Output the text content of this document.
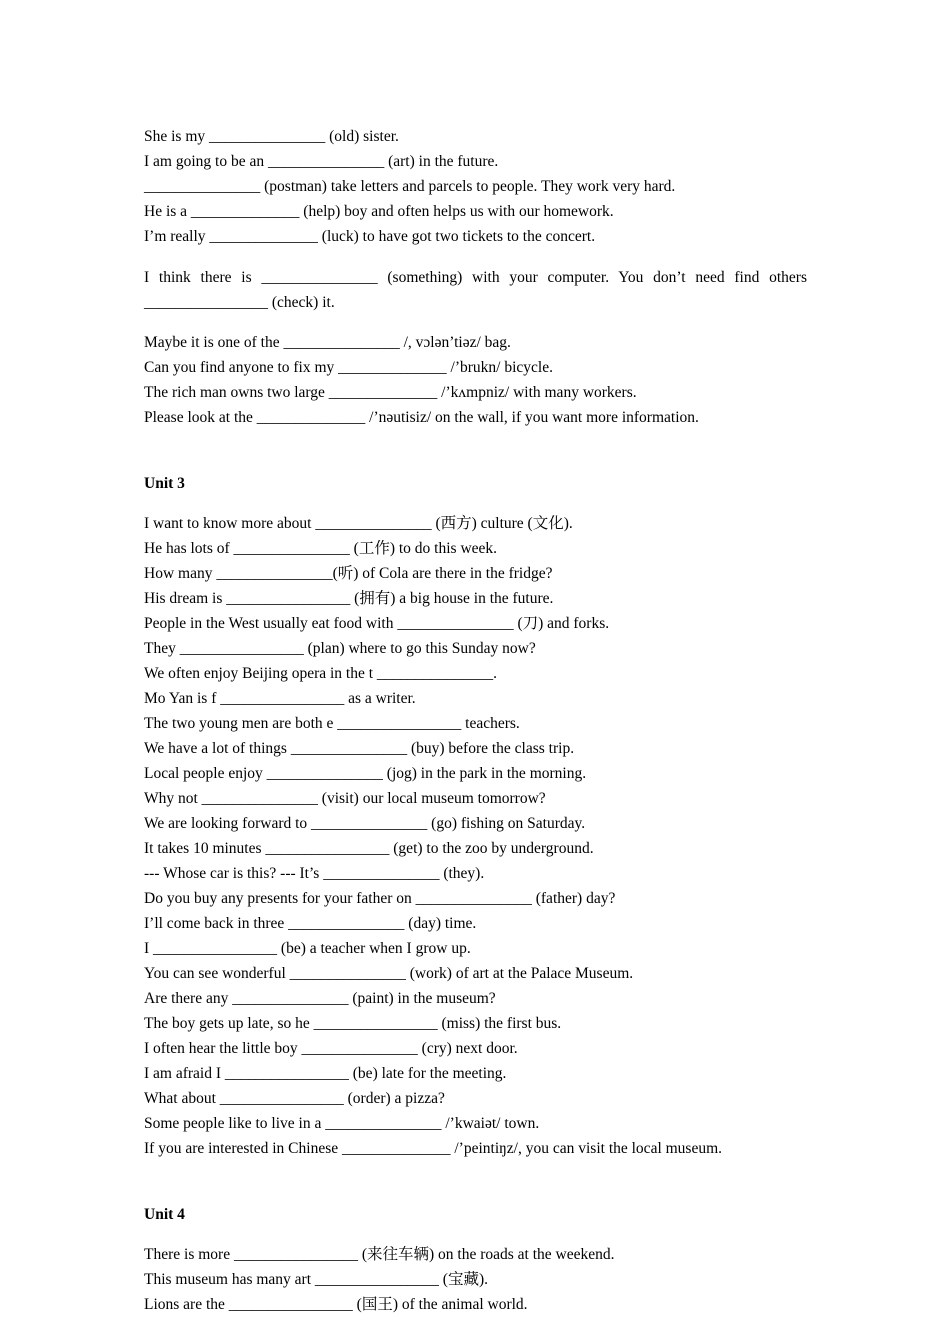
She is my _______________ (old) sister.

I am going to be an _______________ (art) in the future.

_______________ (postman) take letters and parcels to people. They work very hard.

He is a ______________ (help) boy and often helps us with our homework.

I’m really ______________ (luck) to have got two tickets to the concert.

I think there is _______________ (something) with your computer. You don’t need find others ________________ (check) it.

Maybe it is one of the _______________ /, vɔlən’tiəz/ bag.

Can you find anyone to fix my ______________ /’brukn/ bicycle.

The rich man owns two large ______________ /’kʌmpniz/ with many workers.

Please look at the ______________ /’nəutisiz/ on the wall, if you want more information.

Unit 3

I want to know more about _______________ (西方) culture (文化).

He has lots of _______________ (工作) to do this week.

How many _______________(听) of Cola are there in the fridge?

His dream is ________________ (拥有) a big house in the future.

People in the West usually eat food with _______________ (刀) and forks.

They ________________ (plan) where to go this Sunday now?

We often enjoy Beijing opera in the t _______________.

Mo Yan is f ________________ as a writer.

The two young men are both e ________________ teachers.

We have a lot of things _______________ (buy) before the class trip.

Local people enjoy _______________ (jog) in the park in the morning.

Why not _______________ (visit) our local museum tomorrow?

We are looking forward to _______________ (go) fishing on Saturday.

It takes 10 minutes ________________ (get) to the zoo by underground.

--- Whose car is this? --- It’s _______________ (they).

Do you buy any presents for your father on _______________ (father) day?

I’ll come back in three _______________ (day) time.

I ________________ (be) a teacher when I grow up.

You can see wonderful _______________ (work) of art at the Palace Museum.

Are there any _______________ (paint) in the museum?

The boy gets up late, so he ________________ (miss) the first bus.

I often hear the little boy _______________ (cry) next door.

I am afraid I ________________ (be) late for the meeting.

What about ________________ (order) a pizza?

Some people like to live in a _______________ /’kwaiət/ town.

If you are interested in Chinese ______________ /’peintiŋz/, you can visit the local museum.

Unit 4

There is more ________________ (来往车辆) on the roads at the weekend.

This museum has many art ________________ (宝藏).

Lions are the ________________ (国王) of the animal world.
